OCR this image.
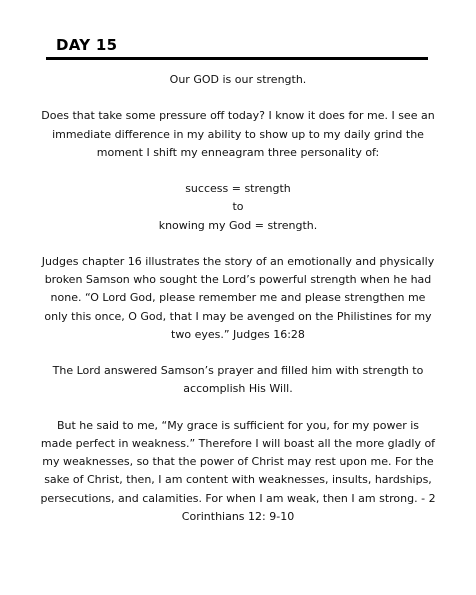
DAY 15

Our GOD is our strength.

Does that take some pressure off today? I know it does for me. I see an immediate difference in my ability to show up to my daily grind the moment I shift my enneagram three personality of:

success = strength

to

knowing my God = strength.

Judges chapter 16 illustrates the story of an emotionally and physically broken Samson who sought the Lord’s powerful strength when he had none. “O Lord God, please remember me and please strengthen me only this once, O God, that I may be avenged on the Philistines for my two eyes.” Judges 16:28

The Lord answered Samson’s prayer and filled him with strength to accomplish His Will.

But he said to me, “My grace is sufficient for you, for my power is made perfect in weakness.” Therefore I will boast all the more gladly of my weaknesses, so that the power of Christ may rest upon me. For the sake of Christ, then, I am content with weaknesses, insults, hardships, persecutions, and calamities. For when I am weak, then I am strong. - 2 Corinthians 12: 9-10
